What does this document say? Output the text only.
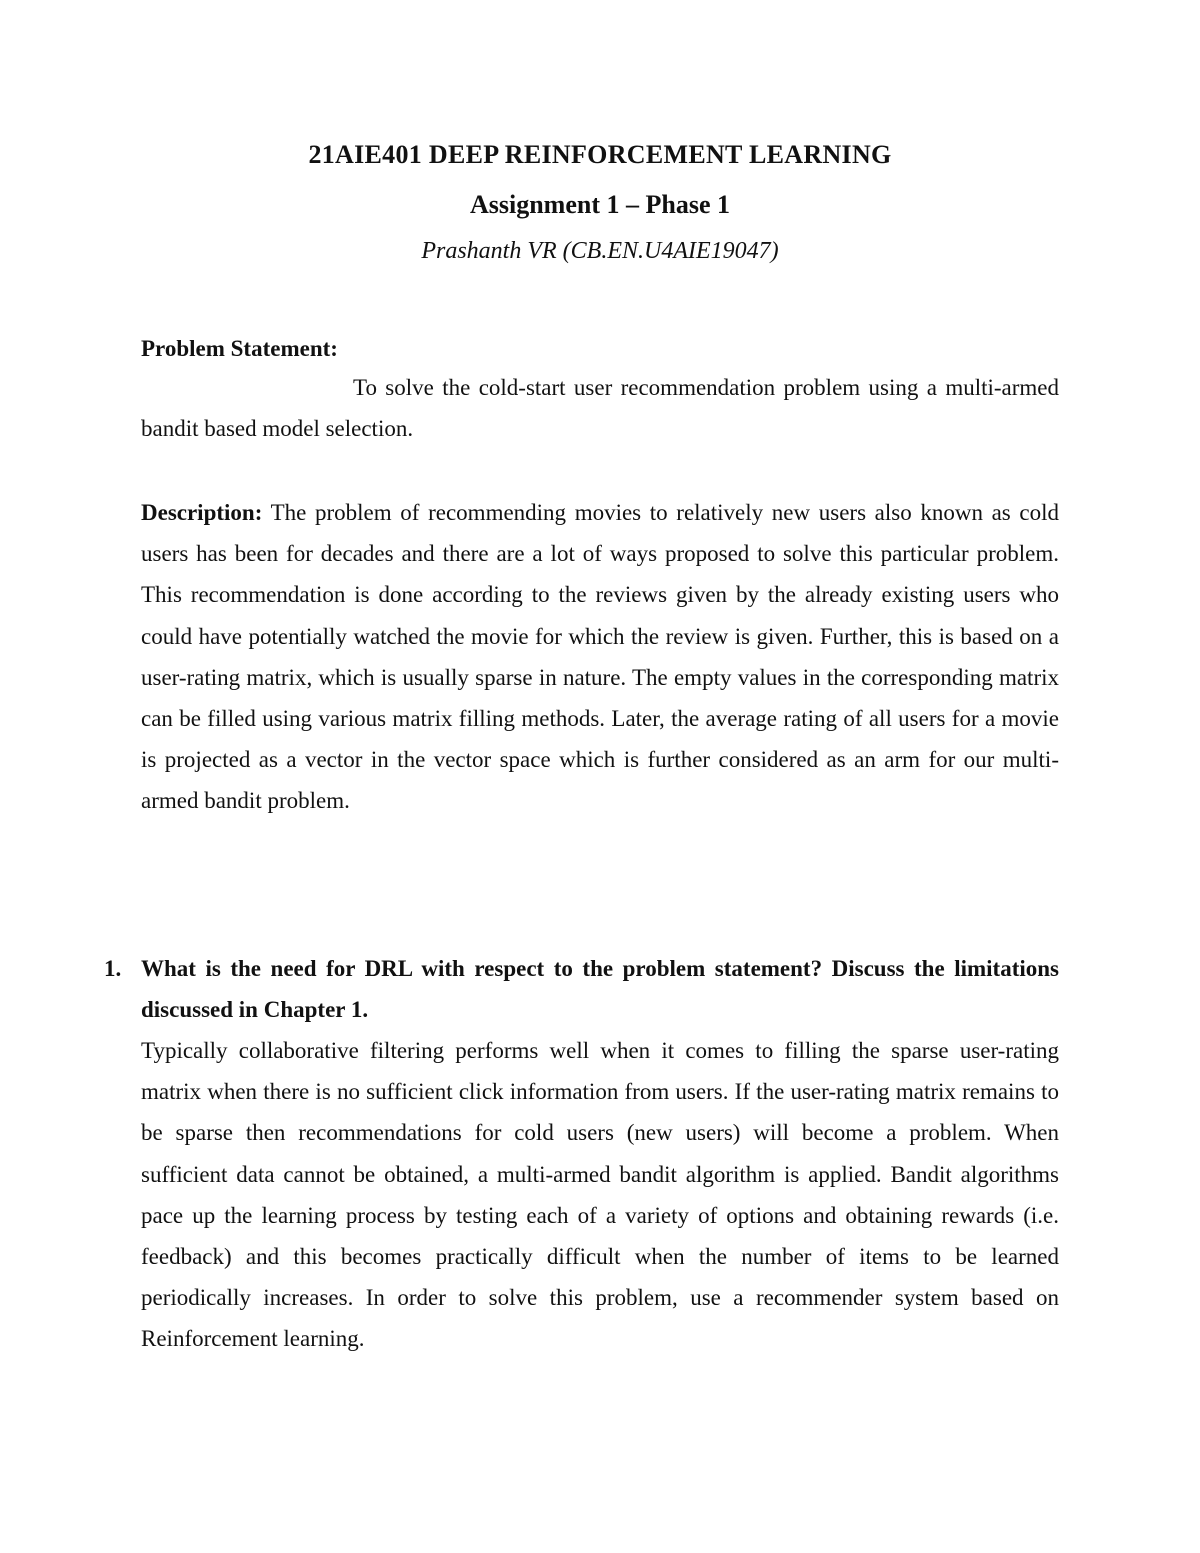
21AIE401 DEEP REINFORCEMENT LEARNING
Assignment 1 – Phase 1
Prashanth VR (CB.EN.U4AIE19047)
Problem Statement:
To solve the cold-start user recommendation problem using a multi-armed bandit based model selection.
Description: The problem of recommending movies to relatively new users also known as cold users has been for decades and there are a lot of ways proposed to solve this particular problem. This recommendation is done according to the reviews given by the already existing users who could have potentially watched the movie for which the review is given. Further, this is based on a user-rating matrix, which is usually sparse in nature. The empty values in the corresponding matrix can be filled using various matrix filling methods. Later, the average rating of all users for a movie is projected as a vector in the vector space which is further considered as an arm for our multi-armed bandit problem.
1. What is the need for DRL with respect to the problem statement? Discuss the limitations discussed in Chapter 1.
Typically collaborative filtering performs well when it comes to filling the sparse user-rating matrix when there is no sufficient click information from users. If the user-rating matrix remains to be sparse then recommendations for cold users (new users) will become a problem. When sufficient data cannot be obtained, a multi-armed bandit algorithm is applied. Bandit algorithms pace up the learning process by testing each of a variety of options and obtaining rewards (i.e. feedback) and this becomes practically difficult when the number of items to be learned periodically increases. In order to solve this problem, use a recommender system based on Reinforcement learning.
